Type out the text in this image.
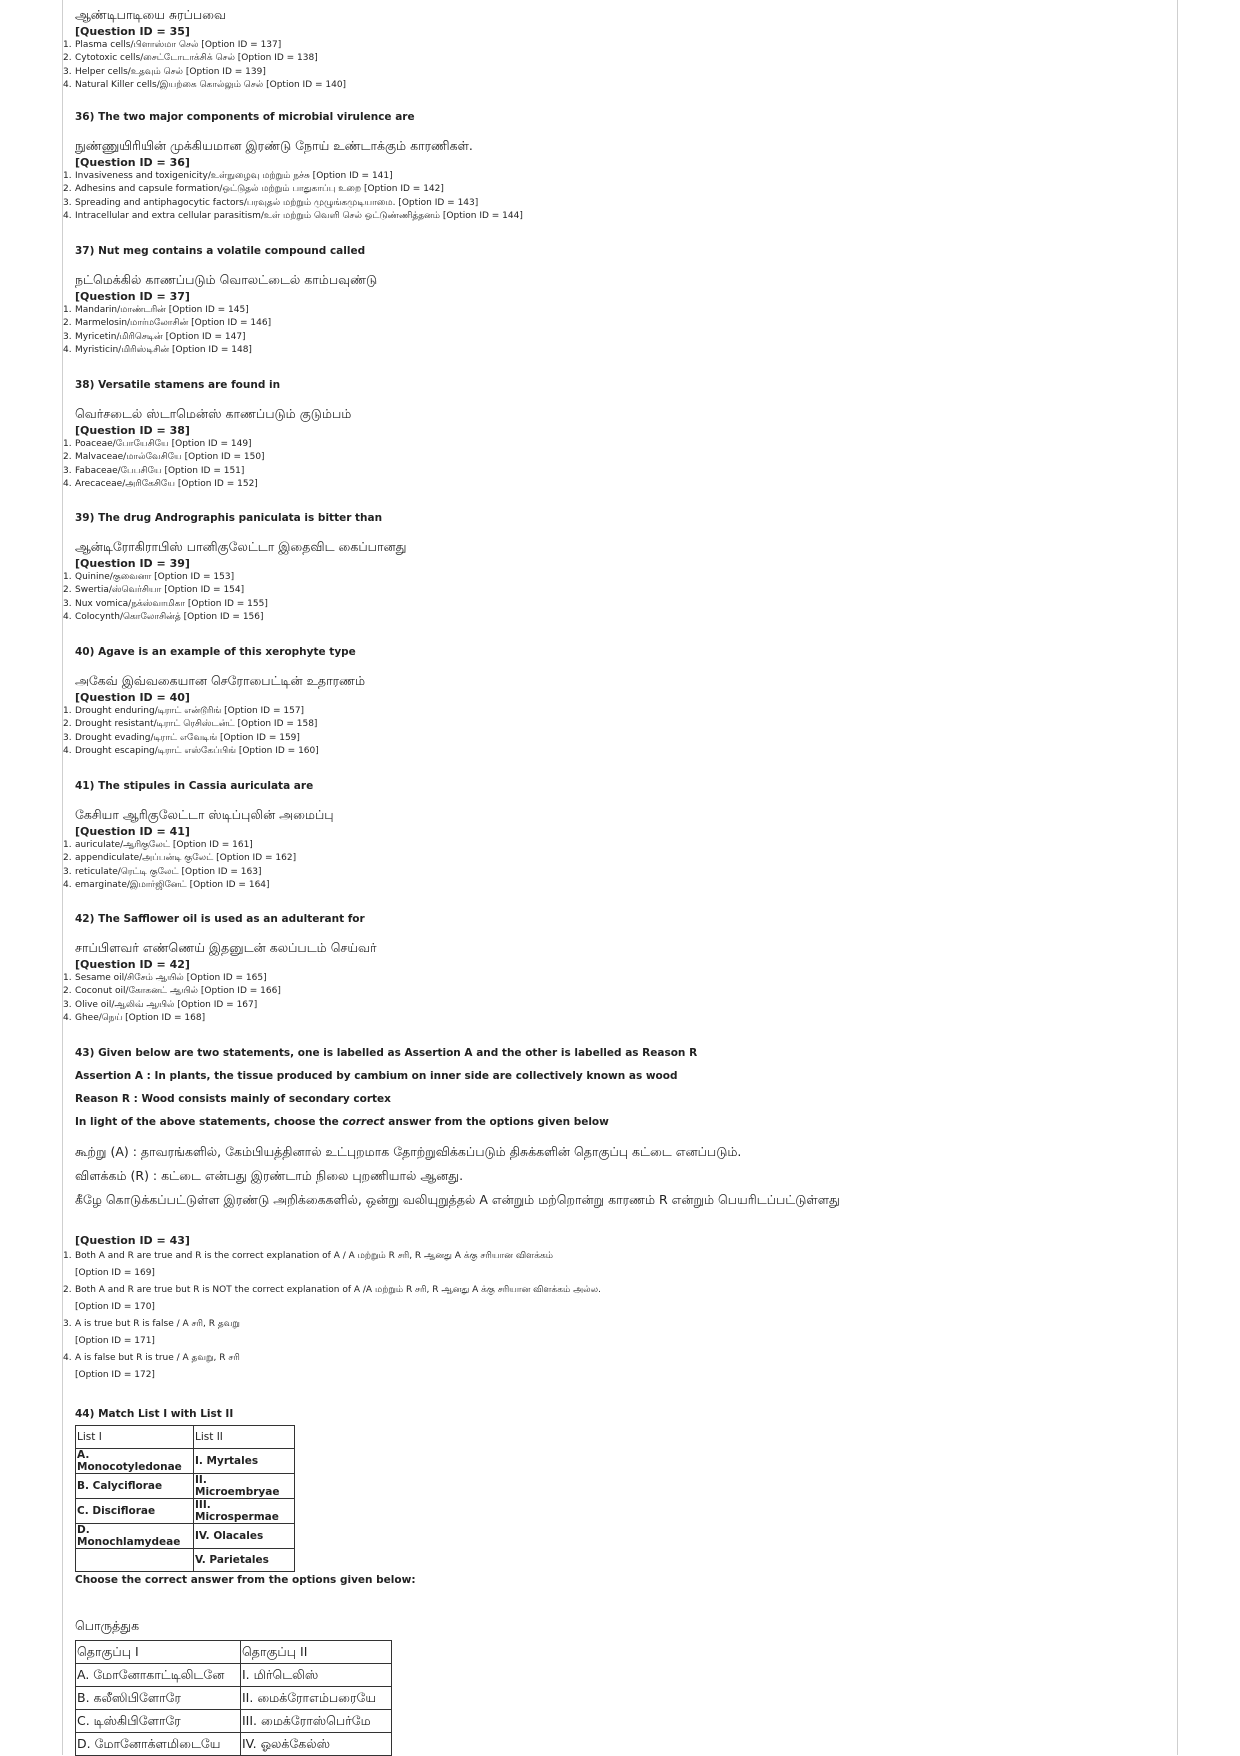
ஆண்டிபாடியை சுரப்பவை

[Question ID = 35]

1. Plasma cells/பிளாஸ்மா செல் [Option ID = 137]
2. Cytotoxic cells/சைட்டோடாக்சிக் செல் [Option ID = 138]
3. Helper cells/உதவும் செல் [Option ID = 139]
4. Natural Killer cells/இயற்கை கொல்லும் செல் [Option ID = 140]

36) The two major components of microbial virulence are

நுண்ணுயிரியின் முக்கியமான இரண்டு நோய் உண்டாக்கும் காரணிகள்.

[Question ID = 36]

1. Invasiveness and toxigenicity/உள்நுழைவு மற்றும் நச்சு [Option ID = 141]
2. Adhesins and capsule formation/ஒட்டுதல் மற்றும் பாதுகாப்பு உறை [Option ID = 142]
3. Spreading and antiphagocytic factors/பரவுதல் மற்றும் முழுங்கமுடியாமை. [Option ID = 143]
4. Intracellular and extra cellular parasitism/உள் மற்றும் வெளி செல் ஒட்டுண்ணித்தனம் [Option ID = 144]

37) Nut meg contains a volatile compound called

நட்மெக்கில் காணப்படும் வொலட்டைல் காம்பவுண்டு

[Question ID = 37]

1. Mandarin/மாண்டரின் [Option ID = 145]
2. Marmelosin/மார்மலோசின் [Option ID = 146]
3. Myricetin/மிரிசெடின் [Option ID = 147]
4. Myristicin/மிரிஸ்டிசின் [Option ID = 148]

38) Versatile stamens are found in

வெர்சடைல் ஸ்டாமென்ஸ் காணப்படும் குடும்பம்

[Question ID = 38]

1. Poaceae/போயேசியே [Option ID = 149]
2. Malvaceae/மால்வேசியே [Option ID = 150]
3. Fabaceae/பேபசியே [Option ID = 151]
4. Arecaceae/அரிகேசியே [Option ID = 152]

39) The drug Andrographis paniculata is bitter than

ஆன்டிரோகிராபிஸ் பானிகுலேட்டா இதைவிட கைப்பானது

[Question ID = 39]

1. Quinine/குவைனா [Option ID = 153]
2. Swertia/ஸ்வெர்சியா [Option ID = 154]
3. Nux vomica/நக்ஸ்வாமிகா [Option ID = 155]
4. Colocynth/கொலோசின்த் [Option ID = 156]

40) Agave is an example of this xerophyte type

அகேவ் இவ்வகையான செரோபைட்டின் உதாரணம்

[Question ID = 40]

1. Drought enduring/டிராட் என்டூரிங் [Option ID = 157]
2. Drought resistant/டிராட் ரெசிஸ்டன்ட் [Option ID = 158]
3. Drought evading/டிராட் எவேடிங் [Option ID = 159]
4. Drought escaping/டிராட் எஸ்கேப்பிங் [Option ID = 160]

41) The stipules in Cassia auriculata are

கேசியா ஆரிகுலேட்டா ஸ்டிப்புலின் அமைப்பு

[Question ID = 41]

1. auriculate/ஆரிகுலேட் [Option ID = 161]
2. appendiculate/அப்பன்டி குலேட் [Option ID = 162]
3. reticulate/ரெட்டி குலேட் [Option ID = 163]
4. emarginate/இமார்ஜினேட் [Option ID = 164]

42) The Safflower oil is used as an adulterant for

சாப்பிளவர் எண்ணெய் இதனுடன் கலப்படம் செய்வர்

[Question ID = 42]

1. Sesame oil/சிசேம் ஆயில் [Option ID = 165]
2. Coconut oil/கோகனட் ஆயில் [Option ID = 166]
3. Olive oil/ஆலிவ் ஆயில் [Option ID = 167]
4. Ghee/நெய் [Option ID = 168]

43) Given below are two statements, one is labelled as Assertion A and the other is labelled as Reason R

Assertion A : In plants, the tissue produced by cambium on inner side are collectively known as wood

Reason R : Wood consists mainly of secondary cortex

In light of the above statements, choose the correct answer from the options given below

கூற்று (A) : தாவரங்களில், கேம்பியத்தினால் உட்புறமாக தோற்றுவிக்கப்படும் திசுக்களின் தொகுப்பு கட்டை எனப்படும்.

விளக்கம் (R) : கட்டை என்பது இரண்டாம் நிலை புறணியால் ஆனது.

கீழே கொடுக்கப்பட்டுள்ள இரண்டு அறிக்கைகளில், ஒன்று வலியுறுத்தல் A என்றும் மற்றொன்று காரணம் R என்றும் பெயரிடப்பட்டுள்ளது

[Question ID = 43]

1. Both A and R are true and R is the correct explanation of A / A மற்றும் R சரி, R ஆனது A க்கு சரியான விளக்கம்
[Option ID = 169]
2. Both A and R are true but R is NOT the correct explanation of A /A மற்றும் R சரி, R ஆனது A க்கு சரியான விளக்கம் அல்ல.
[Option ID = 170]
3. A is true but R is false / A சரி, R தவறு
[Option ID = 171]
4. A is false but R is true / A தவறு, R சரி
[Option ID = 172]

44) Match List I with List II

List I	List II
A. Monocotyledonae	I. Myrtales
B. Calyciflorae	II. Microembryae
C. Disciflorae	III. Microspermae
D. Monochlamydeae	IV. Olacales
	V. Parietales

Choose the correct answer from the options given below:

பொருத்துக

தொகுப்பு I	தொகுப்பு II
A. மோனோகாட்டிலிடனே	I. மிர்டெலிஸ்
B. கலீஸிபிளோரே	II. மைக்ரோஎம்பரையே
C. டிஸ்கிபிளோரே	III. மைக்ரோஸ்பெர்மே
D. மோனோக்ளமிடையே	IV. ஓலக்கேல்ஸ்
